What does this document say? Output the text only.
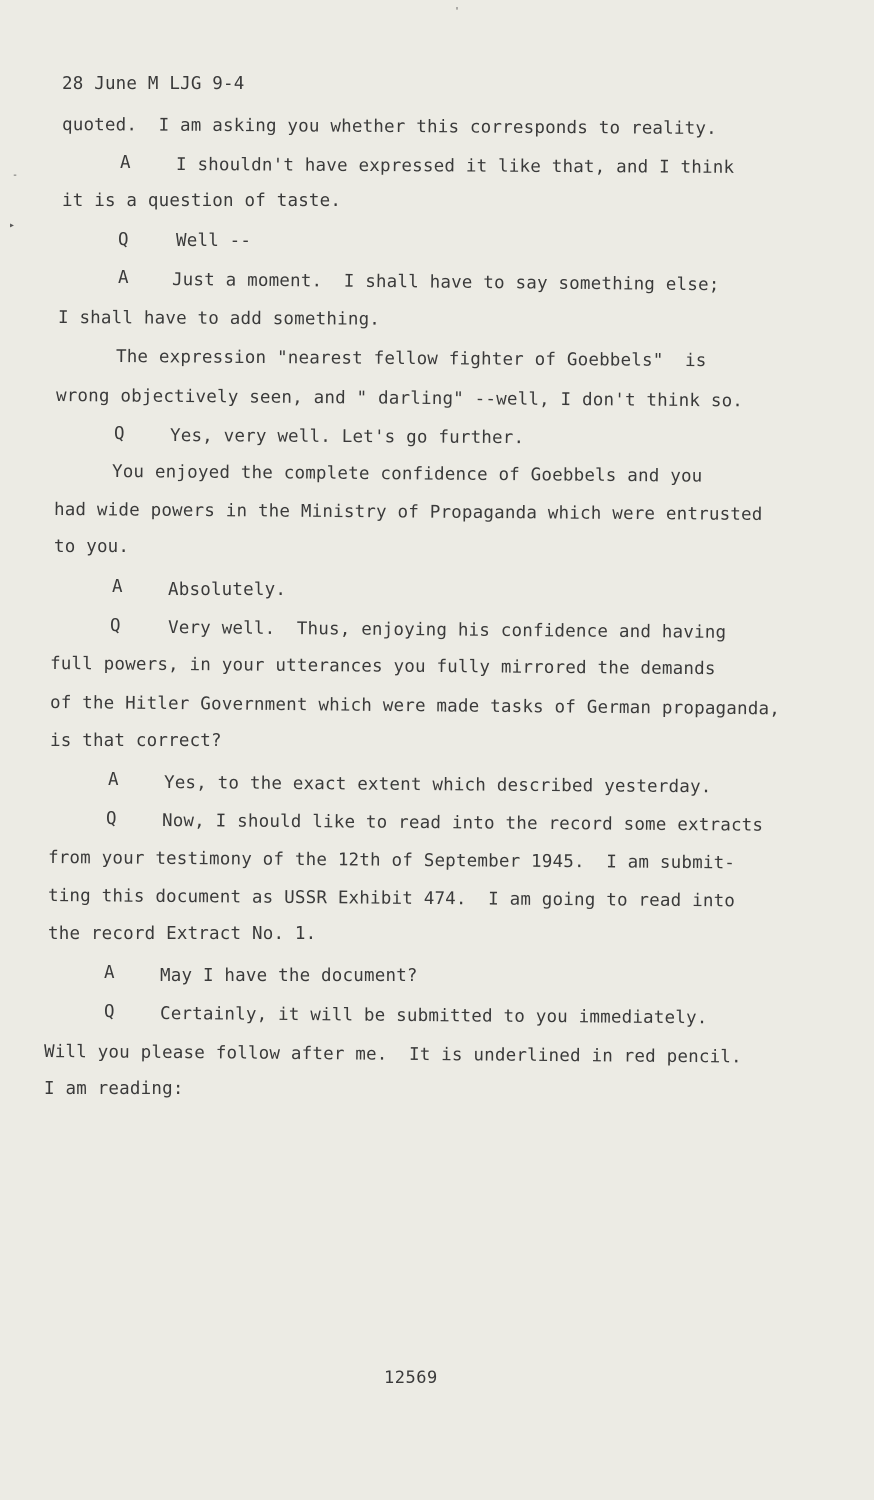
'
-
▸
28 June M LJG 9-4
quoted.  I am asking you whether this corresponds to reality.
A	I shouldn't have expressed it like that, and I think
it is a question of taste.
Q	Well --
A Just a moment.  I shall have to say something else;
I shall have to add something.
The expression "nearest fellow fighter of Goebbels"  is
wrong objectively seen, and " darling" --well, I don't think so.
Q	Yes, very well. Let's go further.
You enjoyed the complete confidence of Goebbels and you
had wide powers in the Ministry of Propaganda which were entrusted
to you.
A	Absolutely.
Q	Very well.  Thus, enjoying his confidence and having
full powers, in your utterances you fully mirrored the demands
of the Hitler Government which were made tasks of German propaganda,
is that correct?
A	Yes, to the exact extent which described yesterday.
Q	Now, I should like to read into the record some extracts
from your testimony of the 12th of September 1945.  I am submit-
ting this document as USSR Exhibit 474.  I am going to read into
the record Extract No. 1.
A	May I have the document?
Q	Certainly, it will be submitted to you immediately.
Will you please follow after me.  It is underlined in red pencil.
I am reading:
12569
